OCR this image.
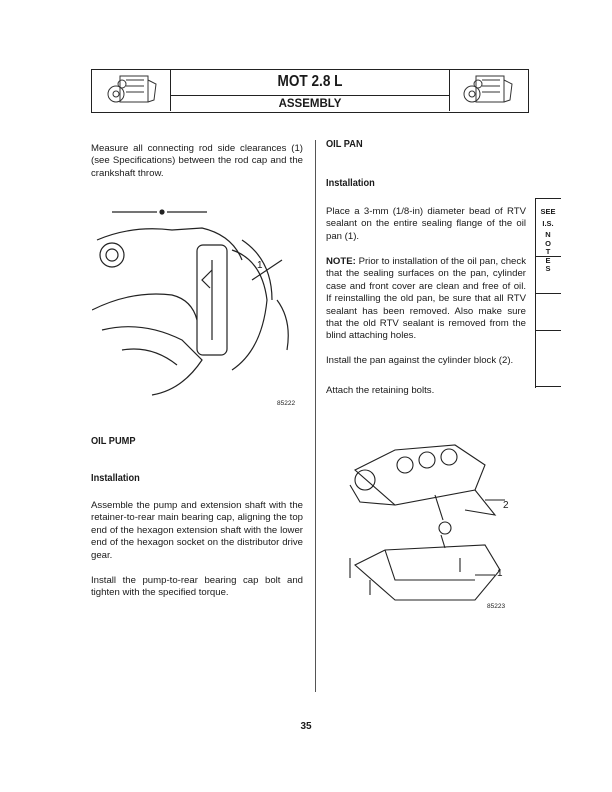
MOT 2.8 L
ASSEMBLY
Measure all connecting rod side clearances (1) (see Specifications) between the rod cap and the crankshaft throw.
1
85222
OIL PUMP
Installation
Assemble the pump and extension shaft with the retainer-to-rear main bearing cap, aligning the top end of the hexagon extension shaft with the lower end of the hexagon socket on the distributor drive gear.
Install the pump-to-rear bearing cap bolt and tighten with the specified torque.
OIL PAN
Installation
Place a 3-mm (1/8-in) diameter bead of RTV sealant on the entire sealing flange of the oil pan (1).
NOTE: Prior to installation of the oil pan, check that the sealing surfaces on the pan, cylinder case and front cover are clean and free of oil. If reinstalling the old pan, be sure that all RTV sealant has been removed. Also make sure that the old RTV sealant is removed from the blind attaching holes.
Install the pan against the cylinder block (2).
Attach the retaining bolts.
2
1
85223
SEE
I.S.
N O T E S
35
